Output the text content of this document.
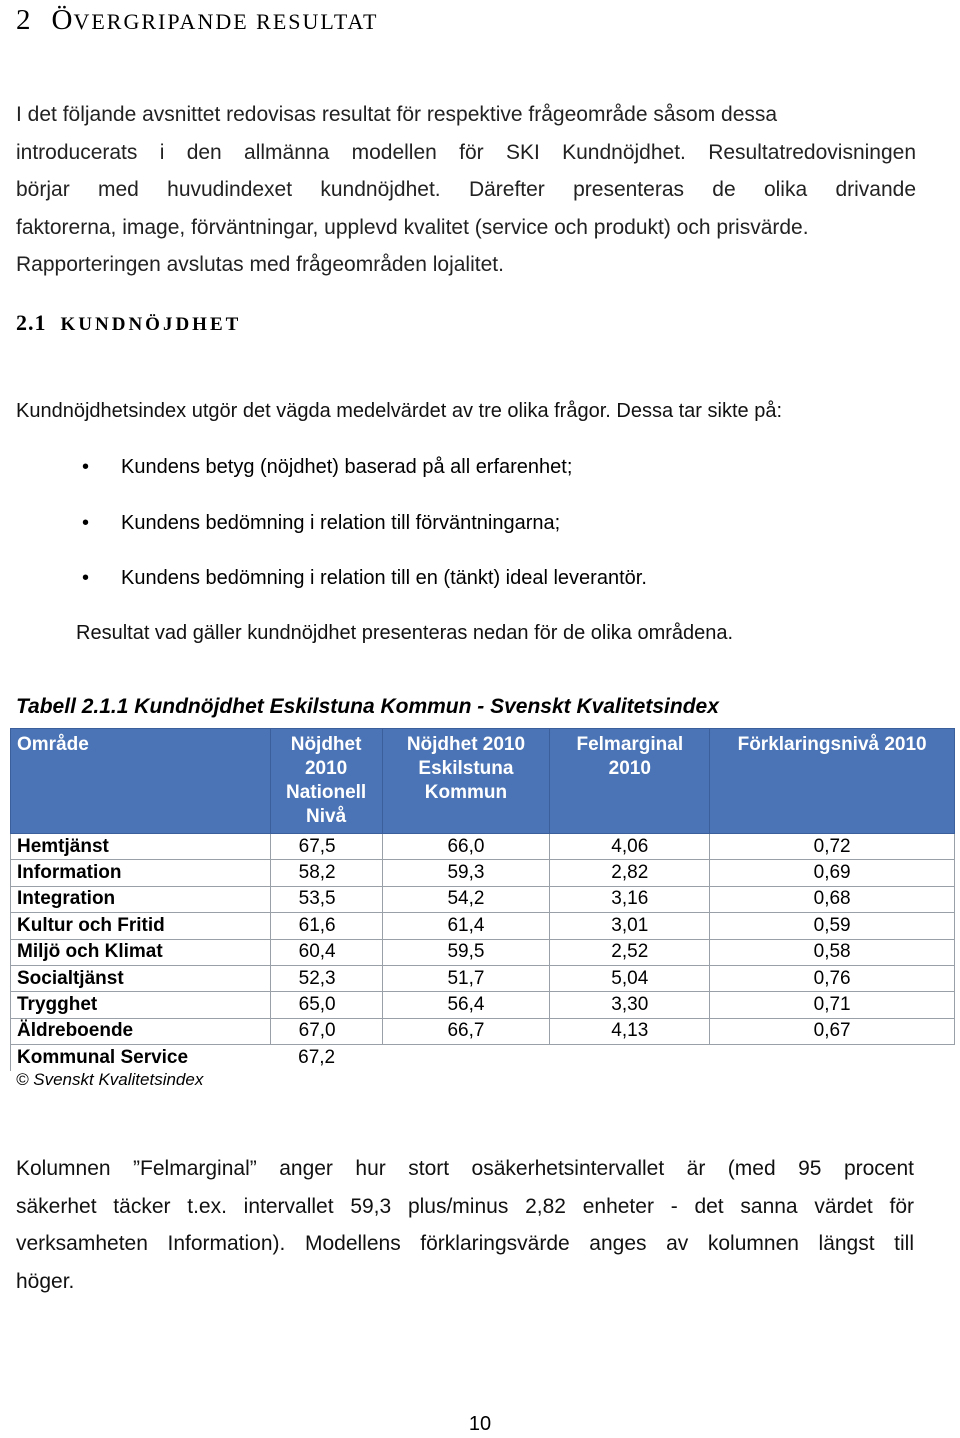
2 ÖVERGRIPANDE RESULTAT
I det följande avsnittet redovisas resultat för respektive frågeområde såsom dessa
introducerats i den allmänna modellen för SKI Kundnöjdhet. Resultatredovisningen
börjar med huvudindexet kundnöjdhet. Därefter presenteras de olika drivande
faktorerna, image, förväntningar, upplevd kvalitet (service och produkt) och prisvärde.
Rapporteringen avslutas med frågeområden lojalitet.
2.1 KUNDNÖJDHET
Kundnöjdhetsindex utgör det vägda medelvärdet av tre olika frågor. Dessa tar sikte på:
• Kundens betyg (nöjdhet) baserad på all erfarenhet;
• Kundens bedömning i relation till förväntningarna;
• Kundens bedömning i relation till en (tänkt) ideal leverantör.
Resultat vad gäller kundnöjdhet presenteras nedan för de olika områdena.
Tabell 2.1.1 Kundnöjdhet Eskilstuna Kommun - Svenskt Kvalitetsindex
Område	Nöjdhet 2010 Nationell Nivå	Nöjdhet 2010 Eskilstuna Kommun	Felmarginal 2010	Förklaringsnivå 2010
Hemtjänst	67,5	66,0	4,06	0,72
Information	58,2	59,3	2,82	0,69
Integration	53,5	54,2	3,16	0,68
Kultur och Fritid	61,6	61,4	3,01	0,59
Miljö och Klimat	60,4	59,5	2,52	0,58
Socialtjänst	52,3	51,7	5,04	0,76
Trygghet	65,0	56,4	3,30	0,71
Äldreboende	67,0	66,7	4,13	0,67
Kommunal Service	67,2			
© Svenskt Kvalitetsindex
Kolumnen ”Felmarginal” anger hur stort osäkerhetsintervallet är (med 95 procent
säkerhet täcker t.ex. intervallet 59,3 plus/minus 2,82 enheter - det sanna värdet för
verksamheten Information). Modellens förklaringsvärde anges av kolumnen längst till
höger.
10
